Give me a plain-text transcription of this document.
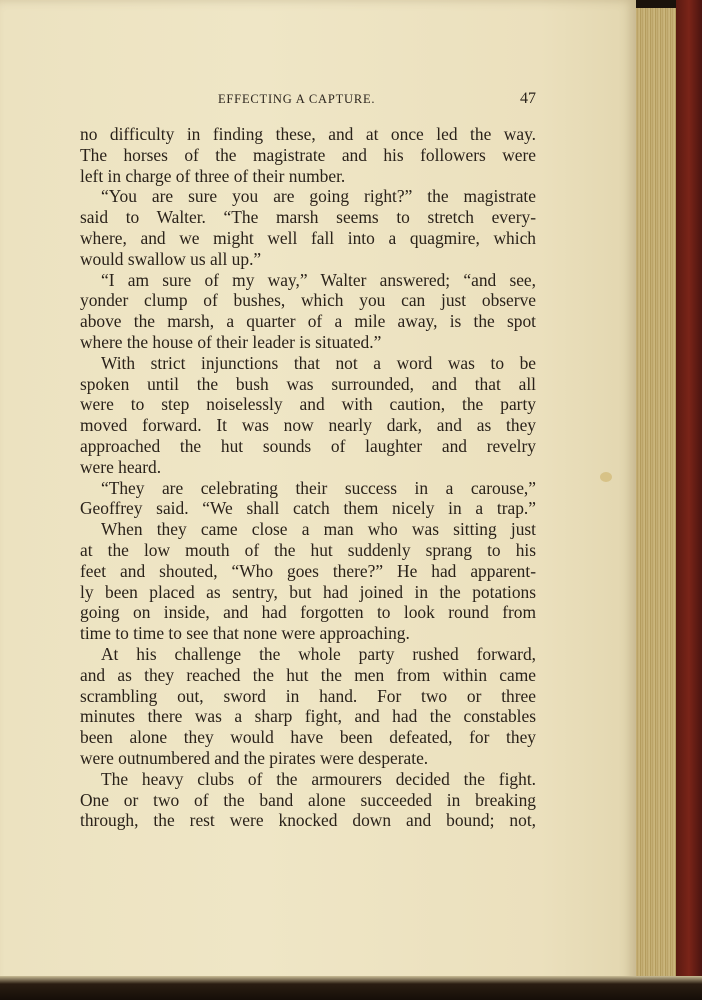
EFFECTING A CAPTURE.	47
no difficulty in finding these, and at once led the way.
The horses of the magistrate and his followers were
left in charge of three of their number.
“You are sure you are going right?” the magistrate
said to Walter. “The marsh seems to stretch every-
where, and we might well fall into a quagmire, which
would swallow us all up.”
“I am sure of my way,” Walter answered; “and see,
yonder clump of bushes, which you can just observe
above the marsh, a quarter of a mile away, is the spot
where the house of their leader is situated.”
With strict injunctions that not a word was to be
spoken until the bush was surrounded, and that all
were to step noiselessly and with caution, the party
moved forward. It was now nearly dark, and as they
approached the hut sounds of laughter and revelry
were heard.
“They are celebrating their success in a carouse,”
Geoffrey said. “We shall catch them nicely in a trap.”
When they came close a man who was sitting just
at the low mouth of the hut suddenly sprang to his
feet and shouted, “Who goes there?” He had apparent-
ly been placed as sentry, but had joined in the potations
going on inside, and had forgotten to look round from
time to time to see that none were approaching.
At his challenge the whole party rushed forward,
and as they reached the hut the men from within came
scrambling out, sword in hand. For two or three
minutes there was a sharp fight, and had the constables
been alone they would have been defeated, for they
were outnumbered and the pirates were desperate.
The heavy clubs of the armourers decided the fight.
One or two of the band alone succeeded in breaking
through, the rest were knocked down and bound; not,
